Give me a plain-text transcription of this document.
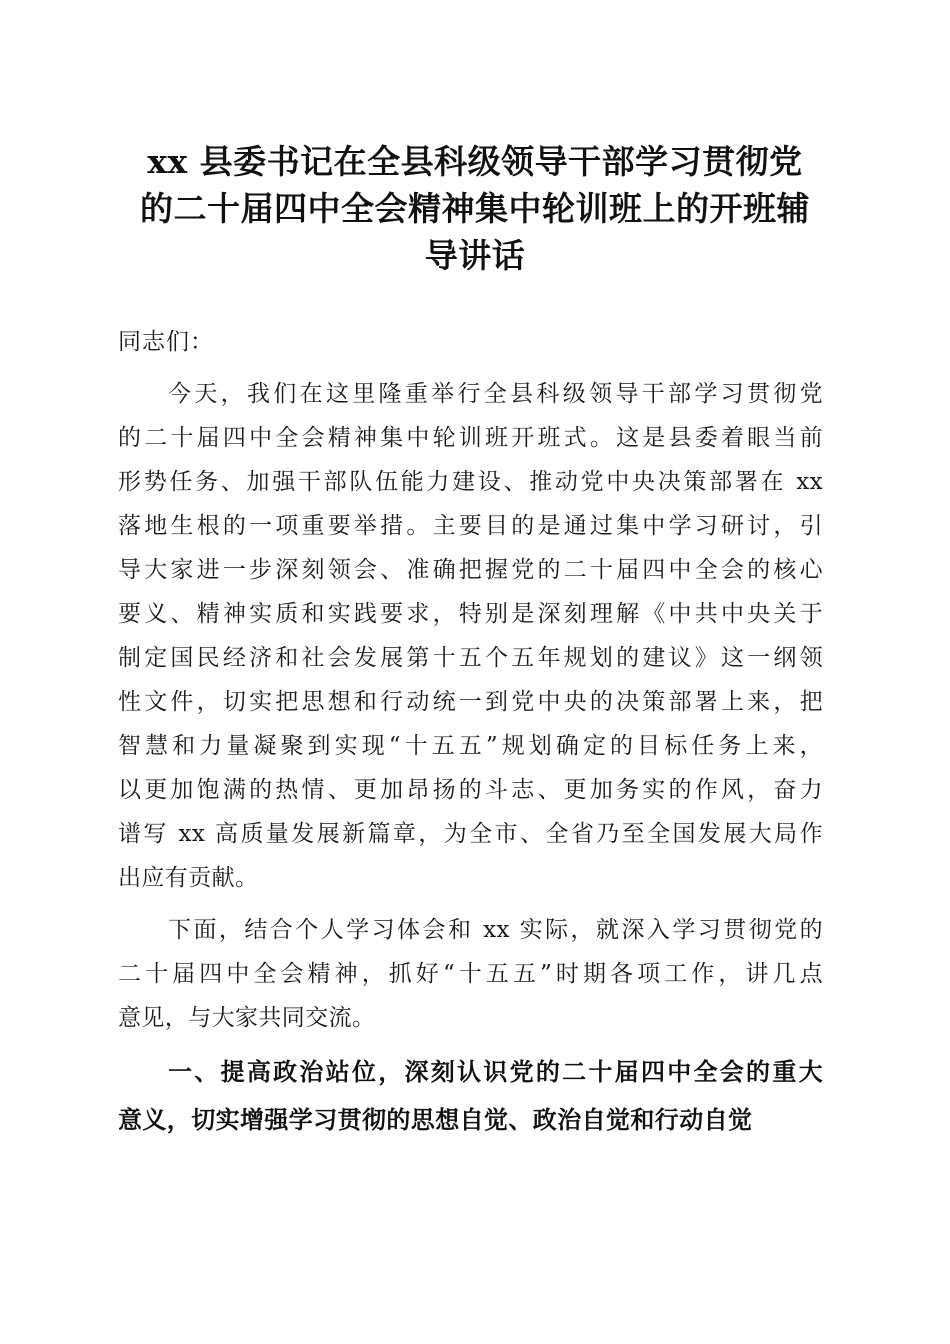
xx 县委书记在全县科级领导干部学习贯彻党
的二十届四中全会精神集中轮训班上的开班辅
导讲话
同志们：
今天，我们在这里隆重举行全县科级领导干部学习贯彻党
的二十届四中全会精神集中轮训班开班式。这是县委着眼当前
形势任务、加强干部队伍能力建设、推动党中央决策部署在 xx
落地生根的一项重要举措。主要目的是通过集中学习研讨，引
导大家进一步深刻领会、准确把握党的二十届四中全会的核心
要义、精神实质和实践要求，特别是深刻理解《中共中央关于
制定国民经济和社会发展第十五个五年规划的建议》这一纲领
性文件，切实把思想和行动统一到党中央的决策部署上来，把
智慧和力量凝聚到实现“十五五”规划确定的目标任务上来，
以更加饱满的热情、更加昂扬的斗志、更加务实的作风，奋力
谱写 xx 高质量发展新篇章，为全市、全省乃至全国发展大局作
出应有贡献。
下面，结合个人学习体会和 xx 实际，就深入学习贯彻党的
二十届四中全会精神，抓好“十五五”时期各项工作，讲几点
意见，与大家共同交流。
一、提高政治站位，深刻认识党的二十届四中全会的重大
意义，切实增强学习贯彻的思想自觉、政治自觉和行动自觉
